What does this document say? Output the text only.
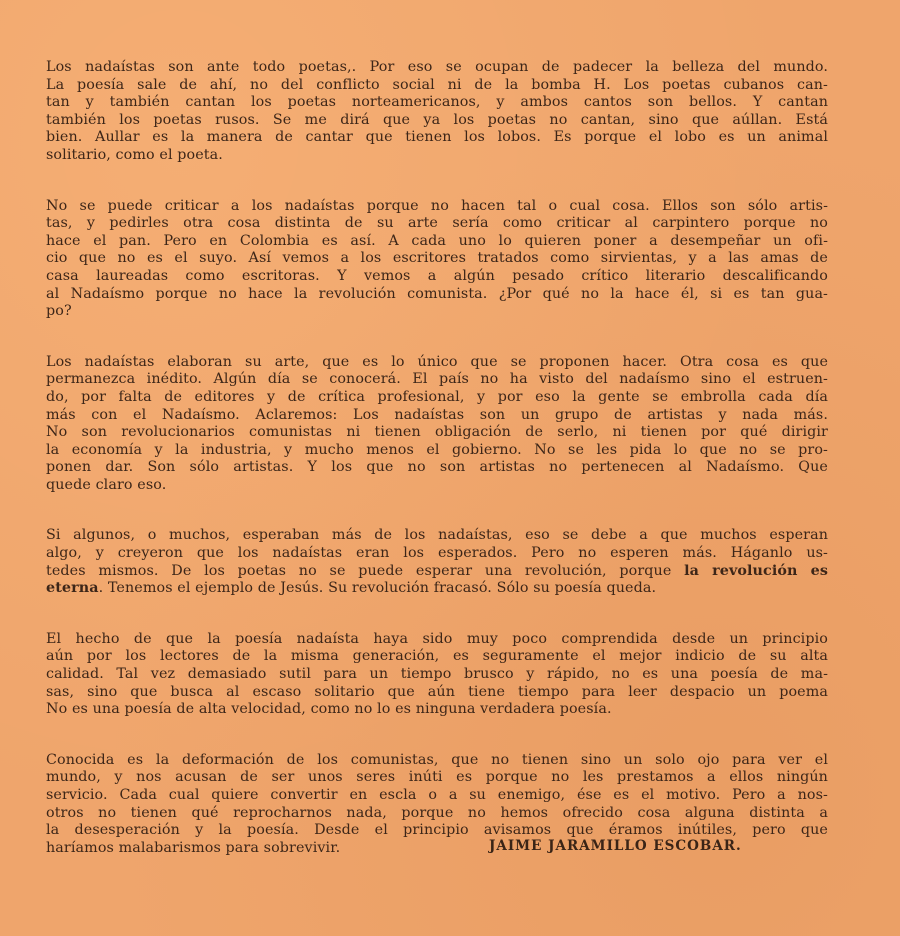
Los nadaístas son ante todo poetas,. Por eso se ocupan de padecer la belleza del mundo.
La poesía sale de ahí, no del conflicto social ni de la bomba H. Los poetas cubanos can-
tan y también cantan los poetas norteamericanos, y ambos cantos son bellos. Y cantan
también los poetas rusos. Se me dirá que ya los poetas no cantan, sino que aúllan. Está
bien. Aullar es la manera de cantar que tienen los lobos. Es porque el lobo es un animal
solitario, como el poeta.

No se puede criticar a los nadaístas porque no hacen tal o cual cosa. Ellos son sólo artis-
tas, y pedirles otra cosa distinta de su arte sería como criticar al carpintero porque no
hace el pan. Pero en Colombia es así. A cada uno lo quieren poner a desempeñar un ofi-
cio que no es el suyo. Así vemos a los escritores tratados como sirvientas, y a las amas de
casa laureadas como escritoras. Y vemos a algún pesado crítico literario descalificando
al Nadaísmo porque no hace la revolución comunista. ¿Por qué no la hace él, si es tan gua-
po?

Los nadaístas elaboran su arte, que es lo único que se proponen hacer. Otra cosa es que
permanezca inédito. Algún día se conocerá. El país no ha visto del nadaísmo sino el estruen-
do, por falta de editores y de crítica profesional, y por eso la gente se embrolla cada día
más con el Nadaísmo. Aclaremos: Los nadaístas son un grupo de artistas y nada más.
No son revolucionarios comunistas ni tienen obligación de serlo, ni tienen por qué dirigir
la economía y la industria, y mucho menos el gobierno. No se les pida lo que no se pro-
ponen dar. Son sólo artistas. Y los que no son artistas no pertenecen al Nadaísmo. Que
quede claro eso.

Si algunos, o muchos, esperaban más de los nadaístas, eso se debe a que muchos esperan
algo, y creyeron que los nadaístas eran los esperados. Pero no esperen más. Háganlo us-
tedes mismos. De los poetas no se puede esperar una revolución, porque la revolución es
eterna. Tenemos el ejemplo de Jesús. Su revolución fracasó. Sólo su poesía queda.

El hecho de que la poesía nadaísta haya sido muy poco comprendida desde un principio
aún por los lectores de la misma generación, es seguramente el mejor indicio de su alta
calidad. Tal vez demasiado sutil para un tiempo brusco y rápido, no es una poesía de ma-
sas, sino que busca al escaso solitario que aún tiene tiempo para leer despacio un poema
No es una poesía de alta velocidad, como no lo es ninguna verdadera poesía.

Conocida es la deformación de los comunistas, que no tienen sino un solo ojo para ver el
mundo, y nos acusan de ser unos seres inúti es porque no les prestamos a ellos ningún
servicio. Cada cual quiere convertir en escla o a su enemigo, ése es el motivo. Pero a nos-
otros no tienen qué reprocharnos nada, porque no hemos ofrecido cosa alguna distinta a
la desesperación y la poesía. Desde el principio avisamos que éramos inútiles, pero que
haríamos malabarismos para sobrevivir.	JAIME JARAMILLO ESCOBAR.
